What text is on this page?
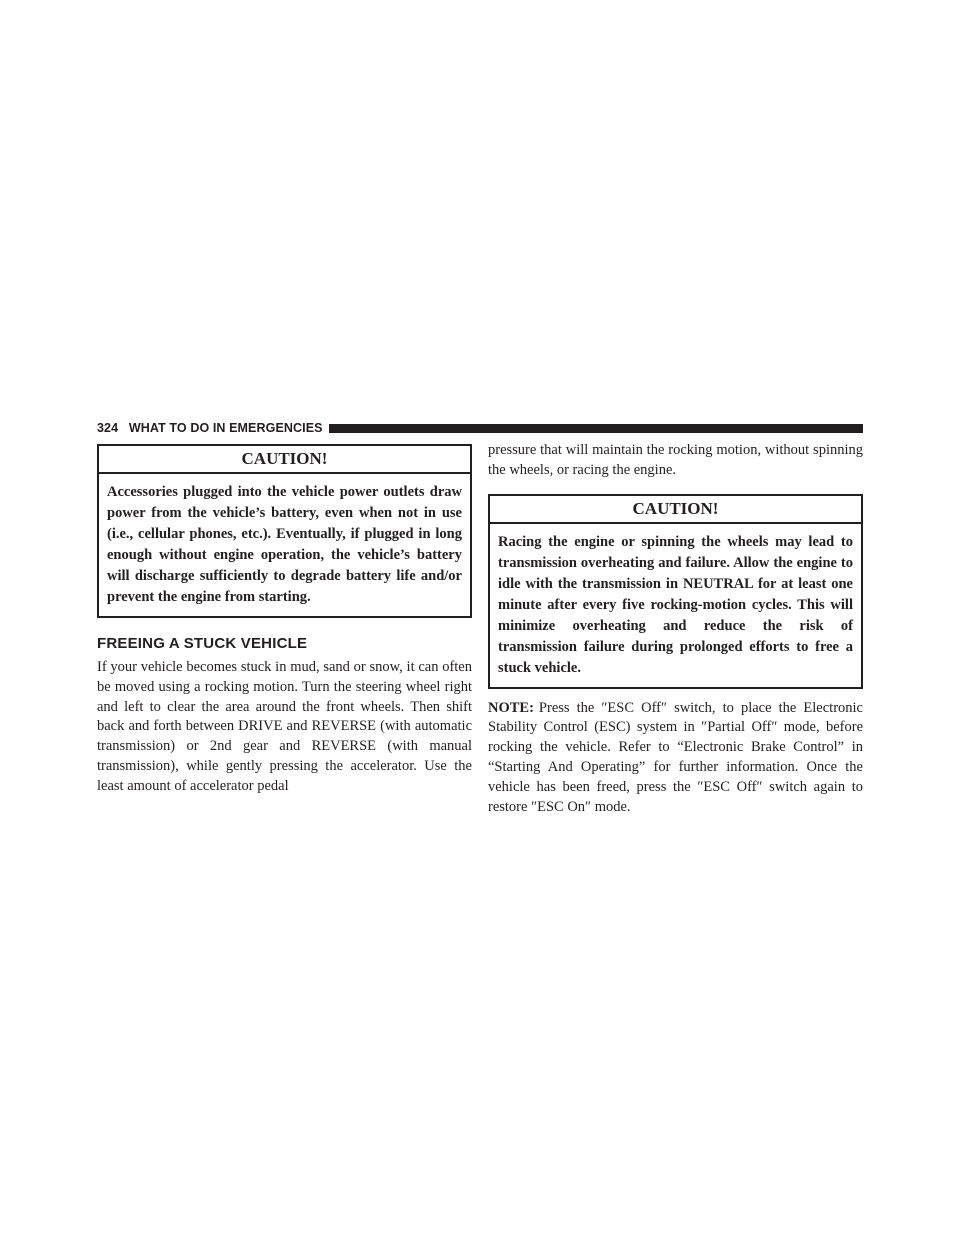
324 WHAT TO DO IN EMERGENCIES
CAUTION!
Accessories plugged into the vehicle power outlets draw power from the vehicle’s battery, even when not in use (i.e., cellular phones, etc.). Eventually, if plugged in long enough without engine operation, the vehicle’s battery will discharge sufficiently to degrade battery life and/or prevent the engine from starting.
FREEING A STUCK VEHICLE

If your vehicle becomes stuck in mud, sand or snow, it can often be moved using a rocking motion. Turn the steering wheel right and left to clear the area around the front wheels. Then shift back and forth between DRIVE and REVERSE (with automatic transmission) or 2nd gear and REVERSE (with manual transmission), while gently pressing the accelerator. Use the least amount of accelerator pedal

pressure that will maintain the rocking motion, without spinning the wheels, or racing the engine.

CAUTION!
Racing the engine or spinning the wheels may lead to transmission overheating and failure. Allow the engine to idle with the transmission in NEUTRAL for at least one minute after every five rocking-motion cycles. This will minimize overheating and reduce the risk of transmission failure during prolonged efforts to free a stuck vehicle.

NOTE: Press the ″ESC Off″ switch, to place the Electronic Stability Control (ESC) system in ″Partial Off″ mode, before rocking the vehicle. Refer to “Electronic Brake Control” in “Starting And Operating” for further information. Once the vehicle has been freed, press the ″ESC Off″ switch again to restore ″ESC On″ mode.
